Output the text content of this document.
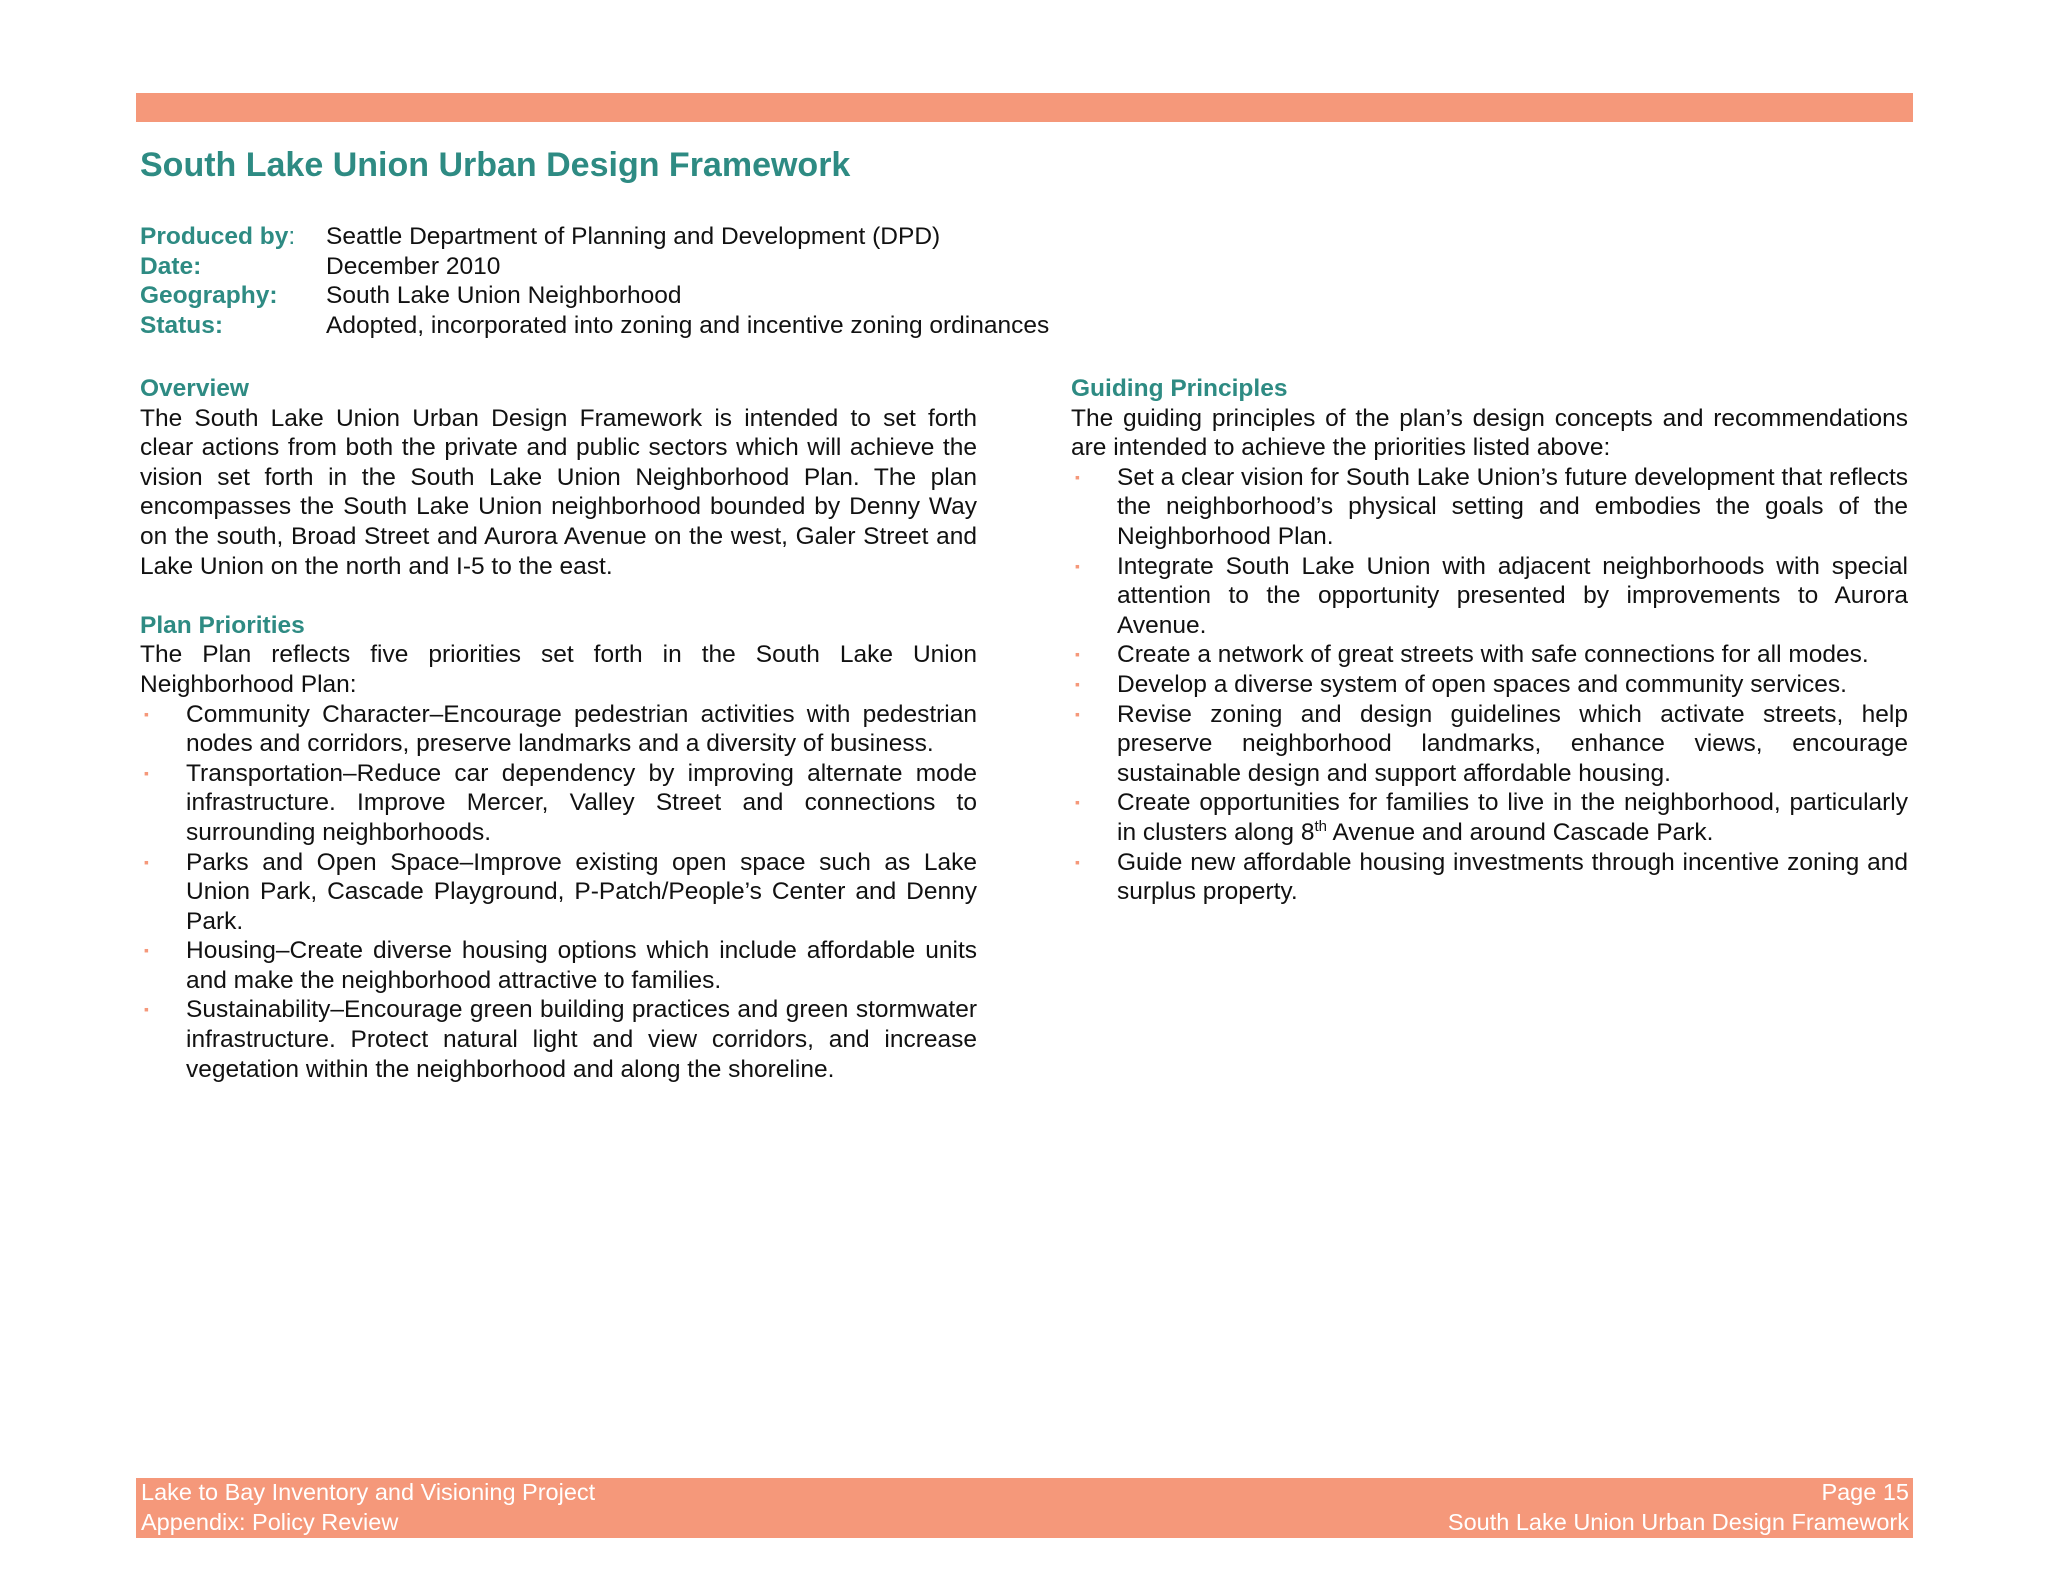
South Lake Union Urban Design Framework
Produced by: Seattle Department of Planning and Development (DPD)
Date:	December 2010
Geography: South Lake Union Neighborhood
Status:	Adopted, incorporated into zoning and incentive zoning ordinances
Overview

The South Lake Union Urban Design Framework is intended to set forth clear actions from both the private and public sectors which will achieve the vision set forth in the South Lake Union Neighborhood Plan. The plan encompasses the South Lake Union neighborhood bounded by Denny Way on the south, Broad Street and Aurora Avenue on the west, Galer Street and Lake Union on the north and I-5 to the east.

Plan Priorities

The Plan reflects five priorities set forth in the South Lake Union Neighborhood Plan:

▪ Community Character–Encourage pedestrian activities with pedestrian nodes and corridors, preserve landmarks and a diversity of business.
▪ Transportation–Reduce car dependency by improving alternate mode infrastructure. Improve Mercer, Valley Street and connections to surrounding neighborhoods.
▪ Parks and Open Space–Improve existing open space such as Lake Union Park, Cascade Playground, P-Patch/People’s Center and Denny Park.
▪ Housing–Create diverse housing options which include affordable units and make the neighborhood attractive to families.
▪ Sustainability–Encourage green building practices and green stormwater infrastructure. Protect natural light and view corridors, and increase vegetation within the neighborhood and along the shoreline.
Guiding Principles

The guiding principles of the plan’s design concepts and recommendations are intended to achieve the priorities listed above:

▪ Set a clear vision for South Lake Union’s future development that reflects the neighborhood’s physical setting and embodies the goals of the Neighborhood Plan.
▪ Integrate South Lake Union with adjacent neighborhoods with special attention to the opportunity presented by improvements to Aurora Avenue.
▪ Create a network of great streets with safe connections for all modes.
▪ Develop a diverse system of open spaces and community services.
▪ Revise zoning and design guidelines which activate streets, help preserve neighborhood landmarks, enhance views, encourage sustainable design and support affordable housing.
▪ Create opportunities for families to live in the neighborhood, particularly in clusters along 8th Avenue and around Cascade Park.
▪ Guide new affordable housing investments through incentive zoning and surplus property.
Lake to Bay Inventory and Visioning Project
Appendix: Policy Review
Page 15
South Lake Union Urban Design Framework
